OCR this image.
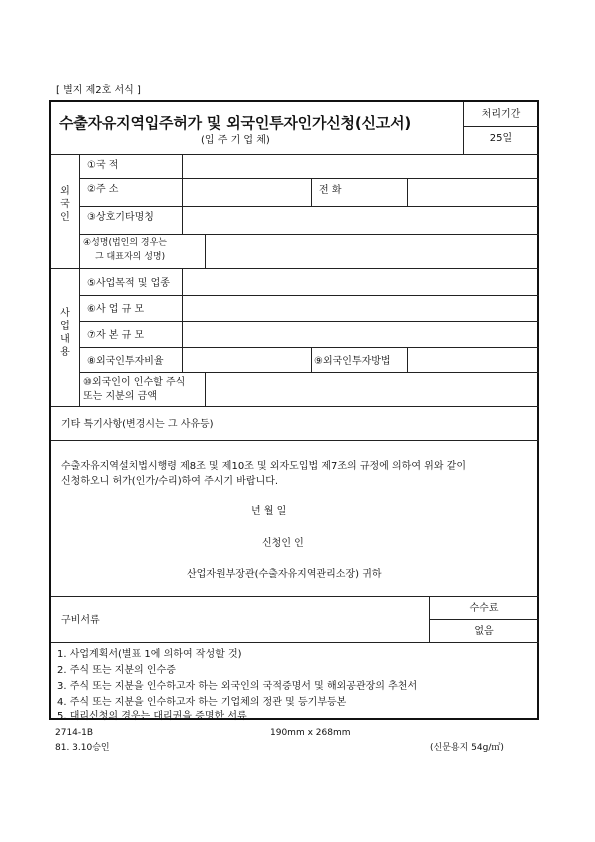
[ 별지 제2호 서식 ]
수출자유지역입주허가 및 외국인투자인가신청(신고서)
(입 주 기 업 체)
처리기간
25일
외국인
①국 적
②주 소	전 화
③상호기타명칭
④성명(법인의 경우는
그 대표자의 성명)
사업내용
⑤사업목적 및 업종
⑥사 업 규 모
⑦자 본 규 모
⑧외국인투자비율	⑨외국인투자방법
⑩외국인이 인수할 주식
또는 지분의 금액
기타 특기사항(변경시는 그 사유등)
수출자유지역설치법시행령 제8조 및 제10조 및 외자도입법 제7조의 규정에 의하여 위와 같이
신청하오니 허가(인가/수리)하여 주시기 바랍니다.
년 월 일
신청인 인
산업자원부장관(수출자유지역관리소장) 귀하
구비서류
수수료
없음
1. 사업계획서(별표 1에 의하여 작성할 것)
2. 주식 또는 지분의 인수증
3. 주식 또는 지분을 인수하고자 하는 외국인의 국적증명서 및 해외공관장의 추천서
4. 주식 또는 지분을 인수하고자 하는 기업체의 정관 및 등기부등본
5. 대리신청의 경우는 대리권을 증명한 서류
2714-1B	190mm x 268mm
81. 3.10승인	(신문용지 54g/㎡)
